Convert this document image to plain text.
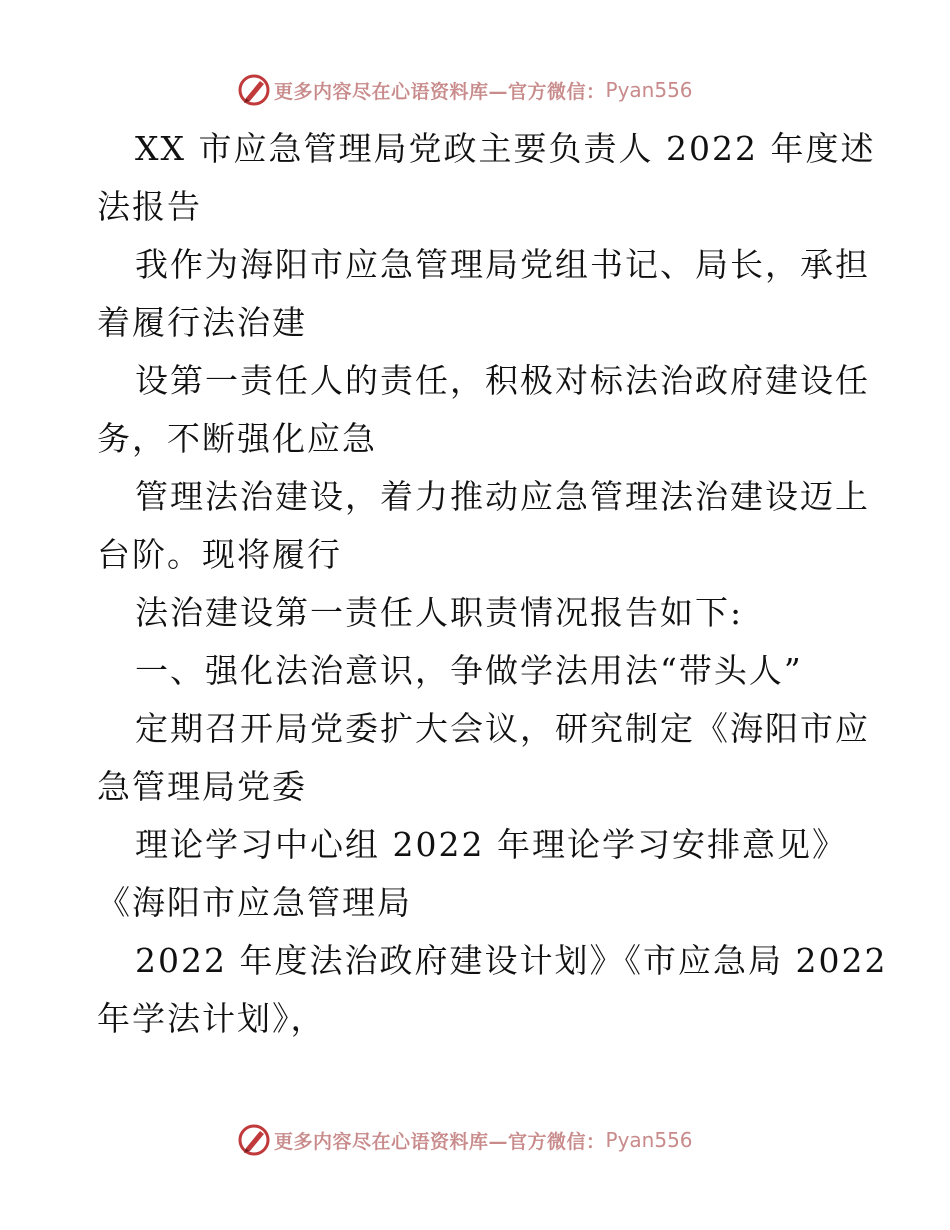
更多内容尽在心语资料库—官方微信： Pyan556
XX 市应急管理局党政主要负责人 2022 年度述
法报告
我作为海阳市应急管理局党组书记、局长，承担
着履行法治建
设第一责任人的责任，积极对标法治政府建设任
务，不断强化应急
管理法治建设，着力推动应急管理法治建设迈上
台阶。现将履行
法治建设第一责任人职责情况报告如下:
一、强化法治意识，争做学法用法“带头人”
定期召开局党委扩大会议，研究制定《海阳市应
急管理局党委
理论学习中心组 2022 年理论学习安排意见》
《海阳市应急管理局
2022 年度法治政府建设计划》《市应急局 2022
年学法计划》，
更多内容尽在心语资料库—官方微信： Pyan556
